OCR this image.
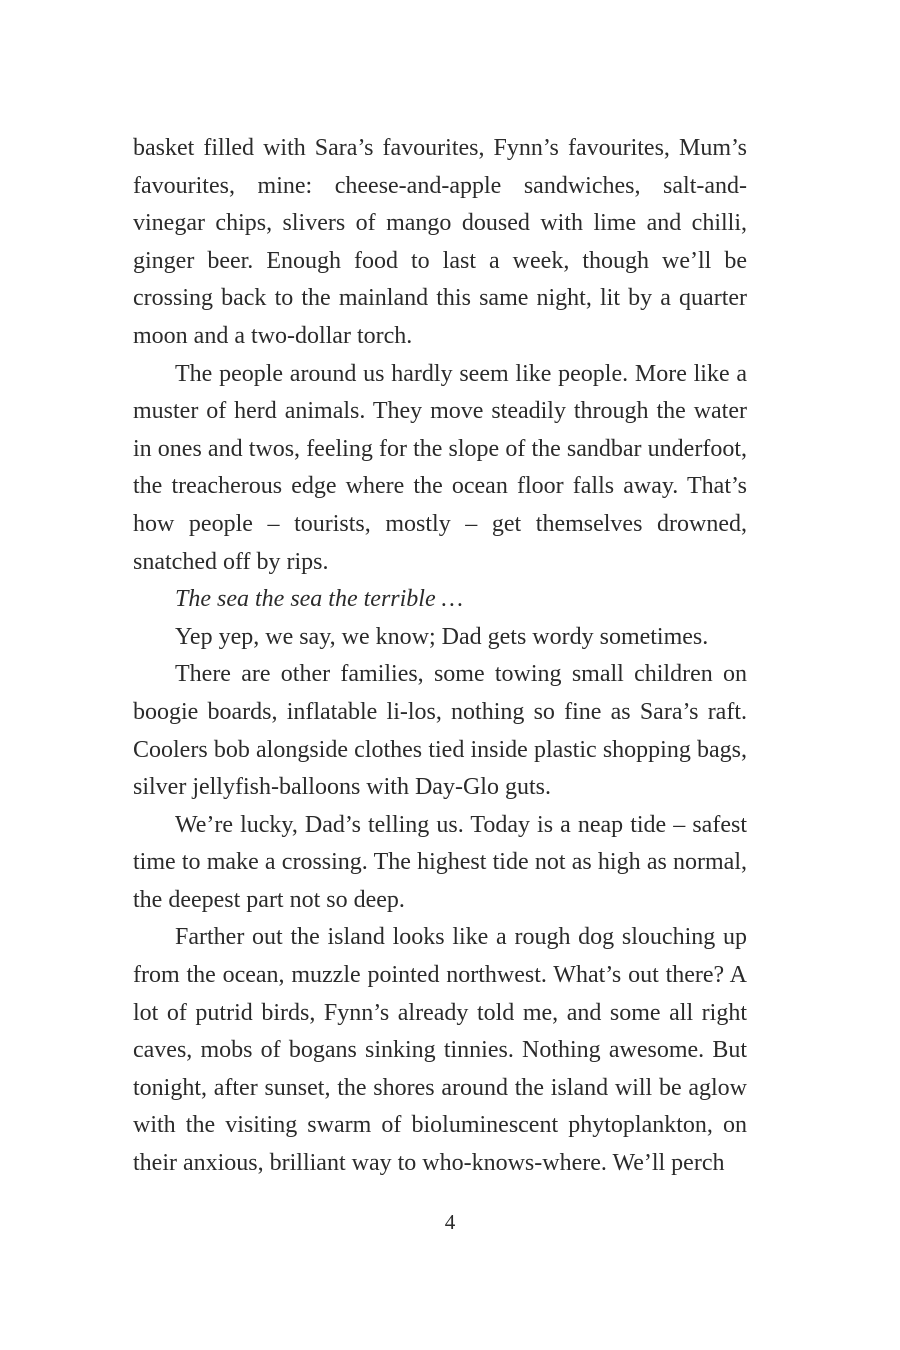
basket filled with Sara’s favourites, Fynn’s favourites, Mum’s favourites, mine: cheese-and-apple sandwiches, salt-and-vinegar chips, slivers of mango doused with lime and chilli, ginger beer. Enough food to last a week, though we’ll be crossing back to the mainland this same night, lit by a quarter moon and a two-dollar torch.

The people around us hardly seem like people. More like a muster of herd animals. They move steadily through the water in ones and twos, feeling for the slope of the sandbar underfoot, the treacherous edge where the ocean floor falls away. That’s how people – tourists, mostly – get themselves drowned, snatched off by rips.

The sea the sea the terrible …

Yep yep, we say, we know; Dad gets wordy sometimes.

There are other families, some towing small children on boogie boards, inflatable li-los, nothing so fine as Sara’s raft. Coolers bob alongside clothes tied inside plastic shopping bags, silver jellyfish-balloons with Day-Glo guts.

We’re lucky, Dad’s telling us. Today is a neap tide – safest time to make a crossing. The highest tide not as high as normal, the deepest part not so deep.

Farther out the island looks like a rough dog slouching up from the ocean, muzzle pointed northwest. What’s out there? A lot of putrid birds, Fynn’s already told me, and some all right caves, mobs of bogans sinking tinnies. Nothing awesome. But tonight, after sunset, the shores around the island will be aglow with the visiting swarm of bioluminescent phytoplankton, on their anxious, brilliant way to who-knows-where. We’ll perch

4
